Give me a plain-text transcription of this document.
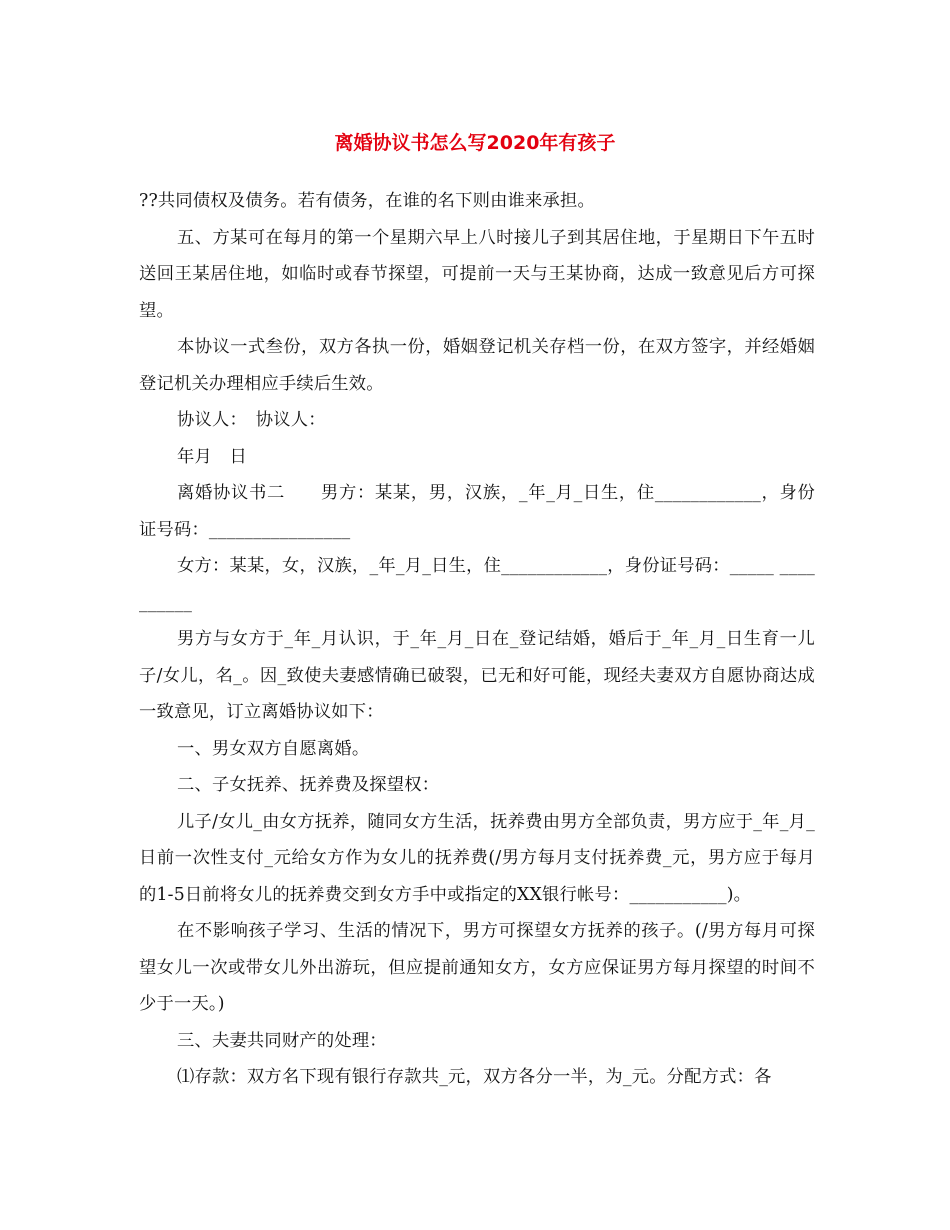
离婚协议书怎么写2020年有孩子

??共同债权及债务。若有债务，在谁的名下则由谁来承担。

五、方某可在每月的第一个星期六早上八时接儿子到其居住地，于星期日下午五时送回王某居住地，如临时或春节探望，可提前一天与王某协商，达成一致意见后方可探望。

本协议一式叁份，双方各执一份，婚姻登记机关存档一份，在双方签字，并经婚姻登记机关办理相应手续后生效。

协议人：　协议人：

年月　日

离婚协议书二　　男方：某某，男，汉族，_年_月_日生，住____________，身份证号码：________________

女方：某某，女，汉族，_年_月_日生，住____________，身份证号码：_____ __________

男方与女方于_年_月认识，于_年_月_日在_登记结婚，婚后于_年_月_日生育一儿子/女儿，名_。因_致使夫妻感情确已破裂，已无和好可能，现经夫妻双方自愿协商达成一致意见，订立离婚协议如下：

一、男女双方自愿离婚。

二、子女抚养、抚养费及探望权：

儿子/女儿_由女方抚养，随同女方生活，抚养费由男方全部负责，男方应于_年_月_日前一次性支付_元给女方作为女儿的抚养费(/男方每月支付抚养费_元，男方应于每月的1-5日前将女儿的抚养费交到女方手中或指定的XX银行帐号：___________)。

在不影响孩子学习、生活的情况下，男方可探望女方抚养的孩子。(/男方每月可探望女儿一次或带女儿外出游玩，但应提前通知女方，女方应保证男方每月探望的时间不少于一天。)

三、夫妻共同财产的处理：

⑴存款：双方名下现有银行存款共_元，双方各分一半，为_元。分配方式：各
